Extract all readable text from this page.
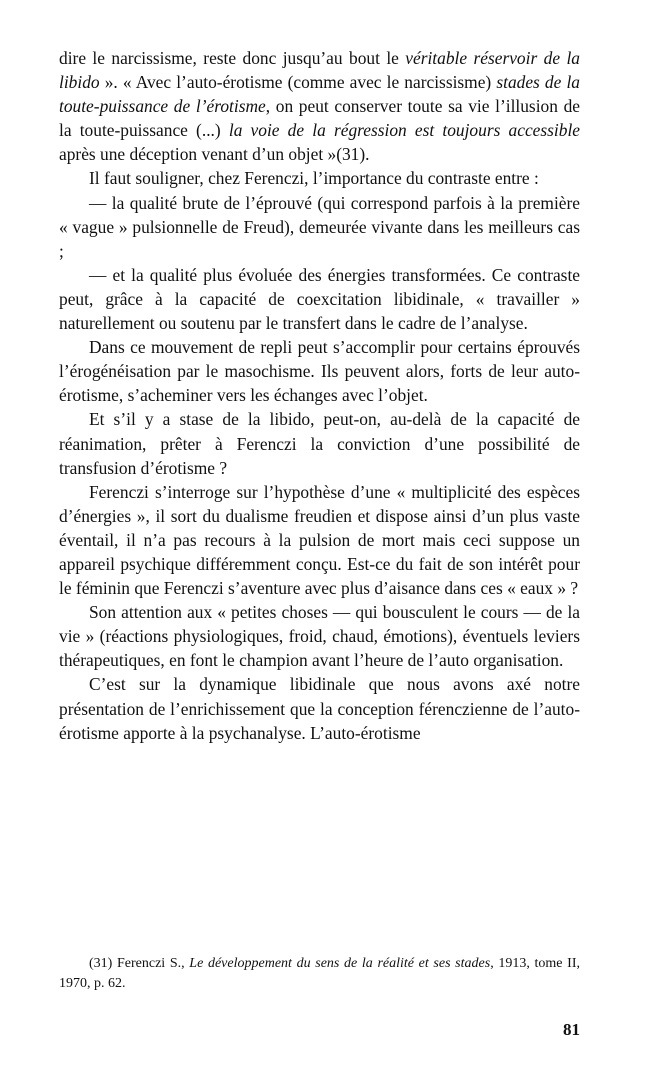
dire le narcissisme, reste donc jusqu’au bout le véritable réservoir de la libido ». « Avec l’auto-érotisme (comme avec le narcissisme) stades de la toute-puissance de l’érotisme, on peut conserver toute sa vie l’illusion de la toute-puissance (...) la voie de la régression est toujours accessible après une déception venant d’un objet »(31).

Il faut souligner, chez Ferenczi, l’importance du contraste entre :

— la qualité brute de l’éprouvé (qui correspond parfois à la première « vague » pulsionnelle de Freud), demeurée vivante dans les meilleurs cas ;

— et la qualité plus évoluée des énergies transformées. Ce contraste peut, grâce à la capacité de coexcitation libidinale, « travailler » naturellement ou soutenu par le transfert dans le cadre de l’analyse.

Dans ce mouvement de repli peut s’accomplir pour certains éprouvés l’érogénéisation par le masochisme. Ils peuvent alors, forts de leur auto-érotisme, s’acheminer vers les échanges avec l’objet.

Et s’il y a stase de la libido, peut-on, au-delà de la capacité de réanimation, prêter à Ferenczi la conviction d’une possibilité de transfusion d’érotisme ?

Ferenczi s’interroge sur l’hypothèse d’une « multiplicité des espèces d’énergies », il sort du dualisme freudien et dispose ainsi d’un plus vaste éventail, il n’a pas recours à la pulsion de mort mais ceci suppose un appareil psychique différemment conçu. Est-ce du fait de son intérêt pour le féminin que Ferenczi s’aventure avec plus d’aisance dans ces « eaux » ?

Son attention aux « petites choses — qui bousculent le cours — de la vie » (réactions physiologiques, froid, chaud, émotions), éventuels leviers thérapeutiques, en font le champion avant l’heure de l’auto organisation.

C’est sur la dynamique libidinale que nous avons axé notre présentation de l’enrichissement que la conception férenczienne de l’auto-érotisme apporte à la psychanalyse. L’auto-érotisme

(31) Ferenczi S., Le développement du sens de la réalité et ses stades, 1913, tome II, 1970, p. 62.

81
